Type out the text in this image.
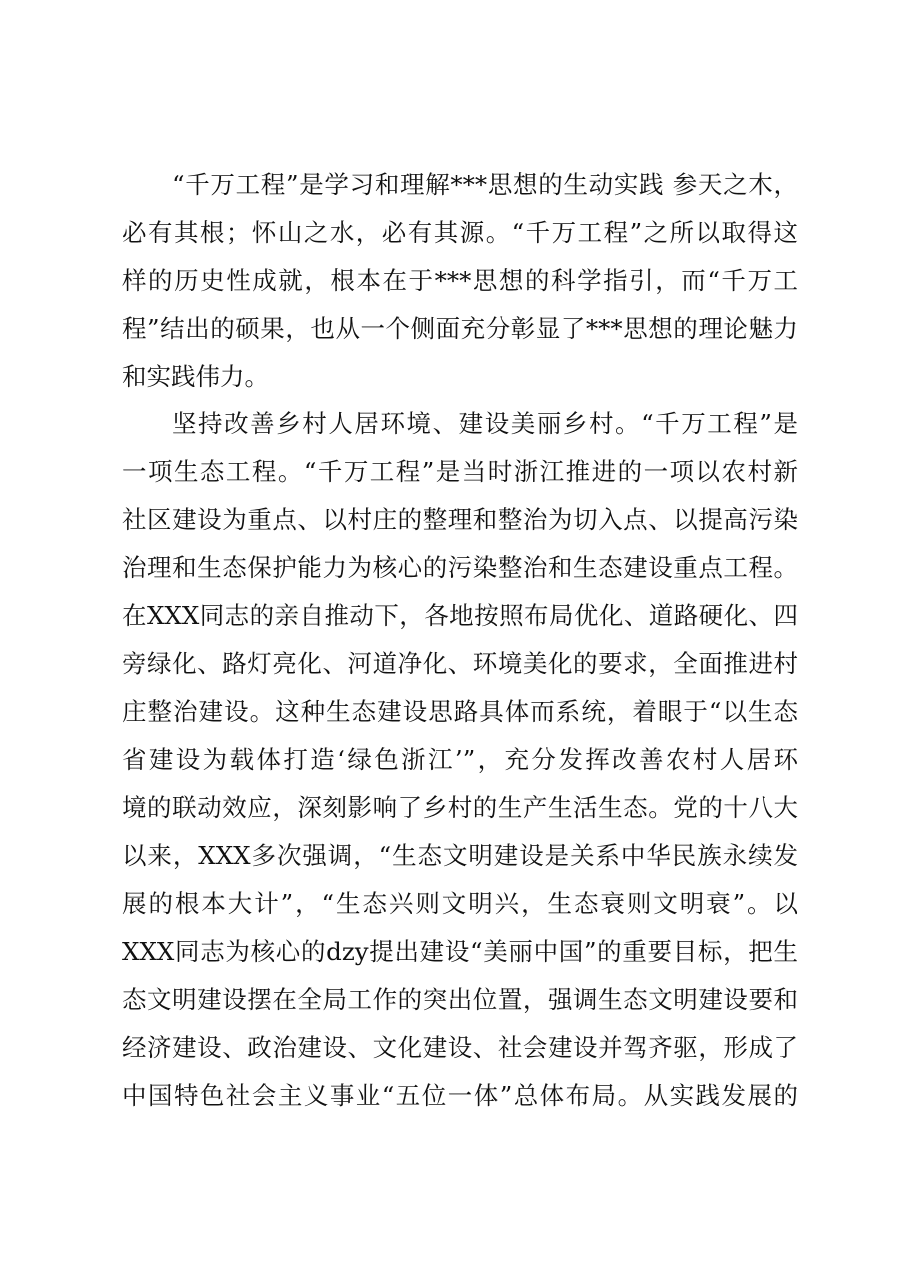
“千万工程”是学习和理解***思想的生动实践 参天之木，
必有其根；怀山之水，必有其源。“千万工程”之所以取得这
样的历史性成就，根本在于***思想的科学指引，而“千万工
程”结出的硕果，也从一个侧面充分彰显了***思想的理论魅力
和实践伟力。
坚持改善乡村人居环境、建设美丽乡村。“千万工程”是
一项生态工程。“千万工程”是当时浙江推进的一项以农村新
社区建设为重点、以村庄的整理和整治为切入点、以提高污染
治理和生态保护能力为核心的污染整治和生态建设重点工程。
在XXX同志的亲自推动下，各地按照布局优化、道路硬化、四
旁绿化、路灯亮化、河道净化、环境美化的要求，全面推进村
庄整治建设。这种生态建设思路具体而系统，着眼于“以生态
省建设为载体打造‘绿色浙江’”，充分发挥改善农村人居环
境的联动效应，深刻影响了乡村的生产生活生态。党的十八大
以来，XXX多次强调，“生态文明建设是关系中华民族永续发
展的根本大计”，“生态兴则文明兴，生态衰则文明衰”。以
XXX同志为核心的dzy提出建设“美丽中国”的重要目标，把生
态文明建设摆在全局工作的突出位置，强调生态文明建设要和
经济建设、政治建设、文化建设、社会建设并驾齐驱，形成了
中国特色社会主义事业“五位一体”总体布局。从实践发展的
